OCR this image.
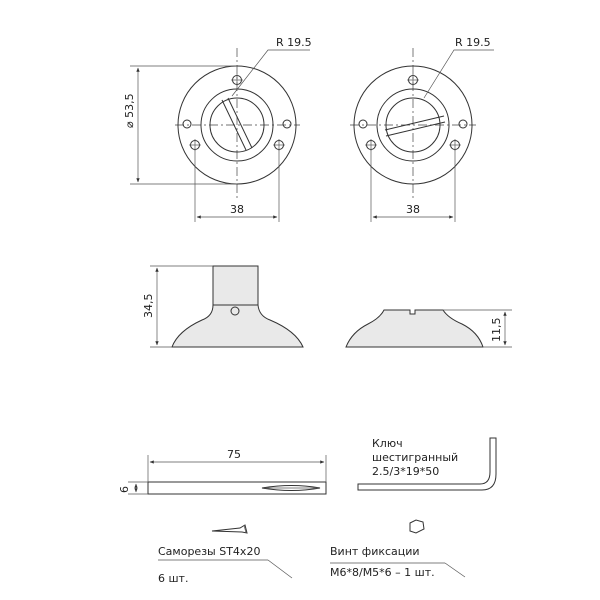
R 19.5
⌀ 53,5
38
R 19.5
38
34,5
11,5
75
6
Ключ
шестигранный
2.5/3*19*50
Саморезы ST4x20
6 шт.
Винт фиксации
M6*8/M5*6 – 1 шт.
